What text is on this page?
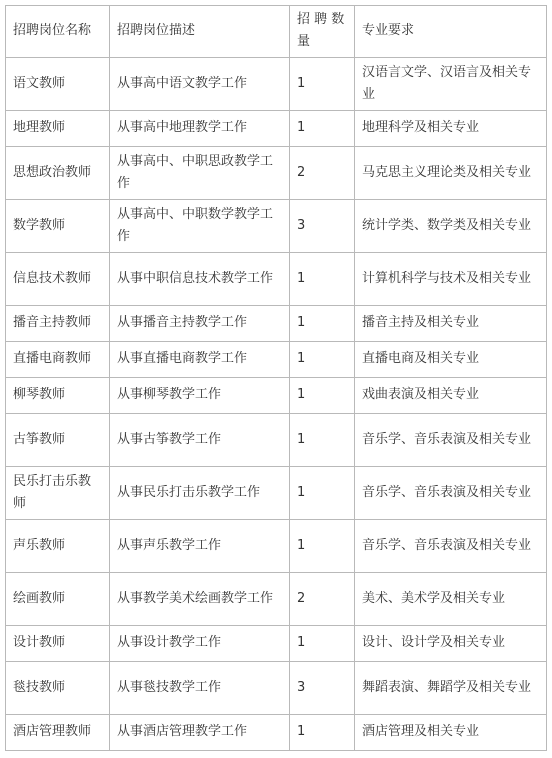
招聘岗位名称	招聘岗位描述	招 聘 数 量	专业要求
语文教师	从事高中语文教学工作	1	汉语言文学、汉语言及相关专业
地理教师	从事高中地理教学工作	1	地理科学及相关专业
思想政治教师	从事高中、中职思政教学工作	2	马克思主义理论类及相关专业
数学教师	从事高中、中职数学教学工作	3	统计学类、数学类及相关专业
信息技术教师	从事中职信息技术教学工作	1	计算机科学与技术及相关专业
播音主持教师	从事播音主持教学工作	1	播音主持及相关专业
直播电商教师	从事直播电商教学工作	1	直播电商及相关专业
柳琴教师	从事柳琴教学工作	1	戏曲表演及相关专业
古筝教师	从事古筝教学工作	1	音乐学、音乐表演及相关专业
民乐打击乐教师	从事民乐打击乐教学工作	1	音乐学、音乐表演及相关专业
声乐教师	从事声乐教学工作	1	音乐学、音乐表演及相关专业
绘画教师	从事教学美术绘画教学工作	2	美术、美术学及相关专业
设计教师	从事设计教学工作	1	设计、设计学及相关专业
毯技教师	从事毯技教学工作	3	舞蹈表演、舞蹈学及相关专业
酒店管理教师	从事酒店管理教学工作	1	酒店管理及相关专业
